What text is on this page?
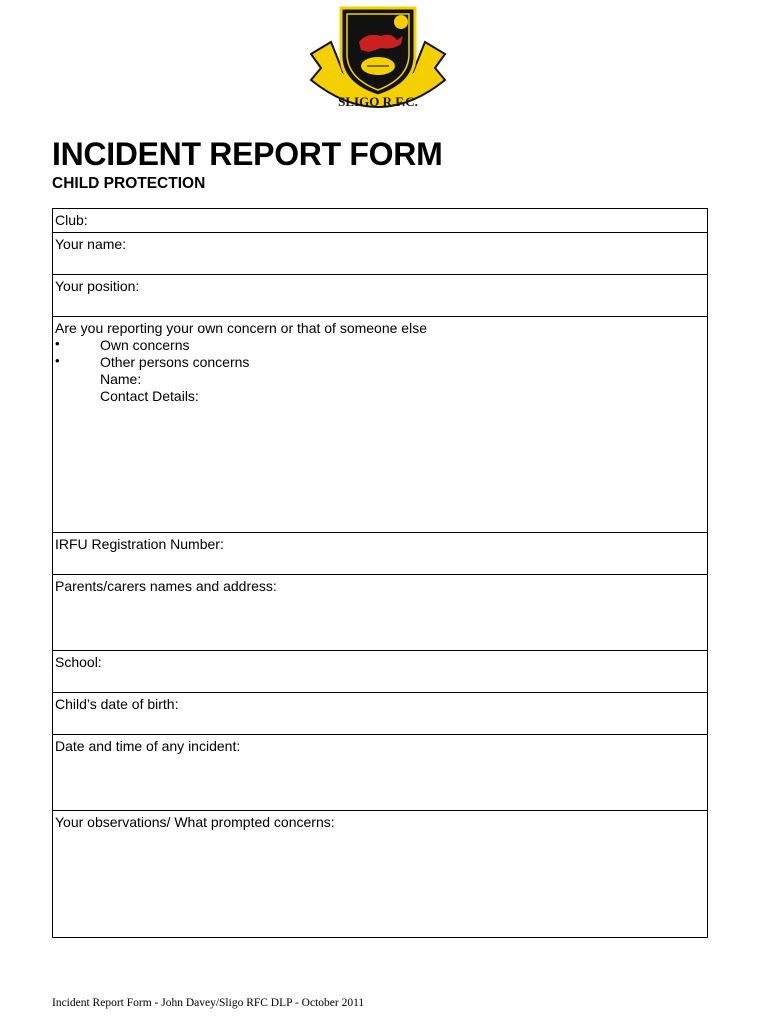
SLIGO R.F.C.
INCIDENT REPORT FORM
CHILD PROTECTION
Club:
Your name:
Your position:
Are you reporting your own concern or that of someone else
•	Own concerns
•	Other persons concerns
Name:
Contact Details:
IRFU Registration Number:
Parents/carers names and address:
School:
Child’s date of birth:
Date and time of any incident:
Your observations/ What prompted concerns:
Incident Report Form - John Davey/Sligo RFC DLP - October 2011
